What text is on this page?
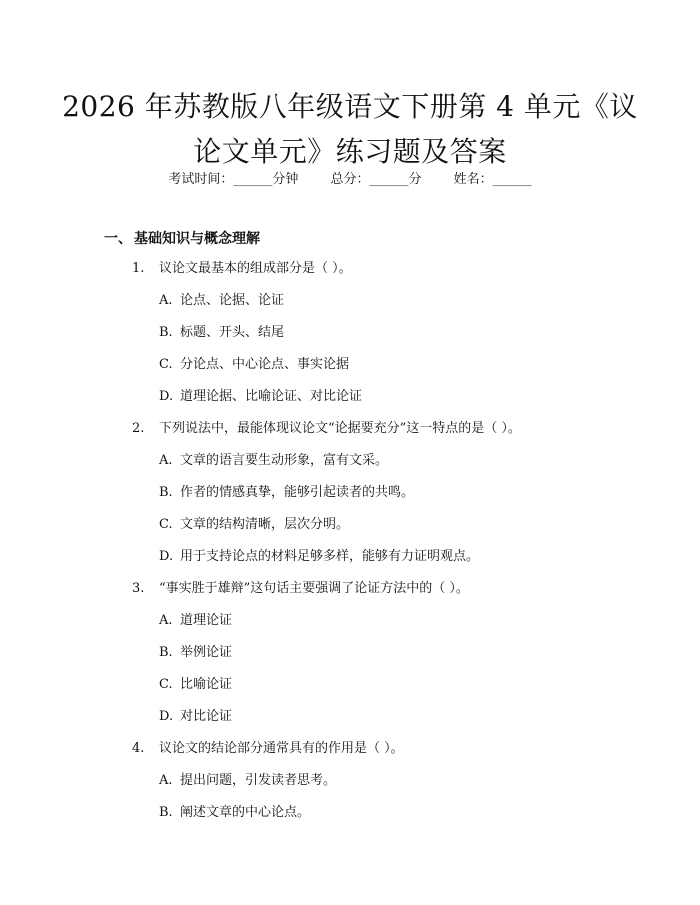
2026 年苏教版八年级语文下册第 4 单元《议
论文单元》练习题及答案
考试时间：______分钟 总分：______分 姓名：______
一、 基础知识与概念理解
1. 议论文最基本的组成部分是（ ）。
A. 论点、论据、论证
B. 标题、开头、结尾
C. 分论点、中心论点、事实论据
D. 道理论据、比喻论证、对比论证
2. 下列说法中，最能体现议论文“论据要充分”这一特点的是（ ）。
A. 文章的语言要生动形象，富有文采。
B. 作者的情感真挚，能够引起读者的共鸣。
C. 文章的结构清晰，层次分明。
D. 用于支持论点的材料足够多样，能够有力证明观点。
3. “事实胜于雄辩”这句话主要强调了论证方法中的（ ）。
A. 道理论证
B. 举例论证
C. 比喻论证
D. 对比论证
4. 议论文的结论部分通常具有的作用是（ ）。
A. 提出问题，引发读者思考。
B. 阐述文章的中心论点。
